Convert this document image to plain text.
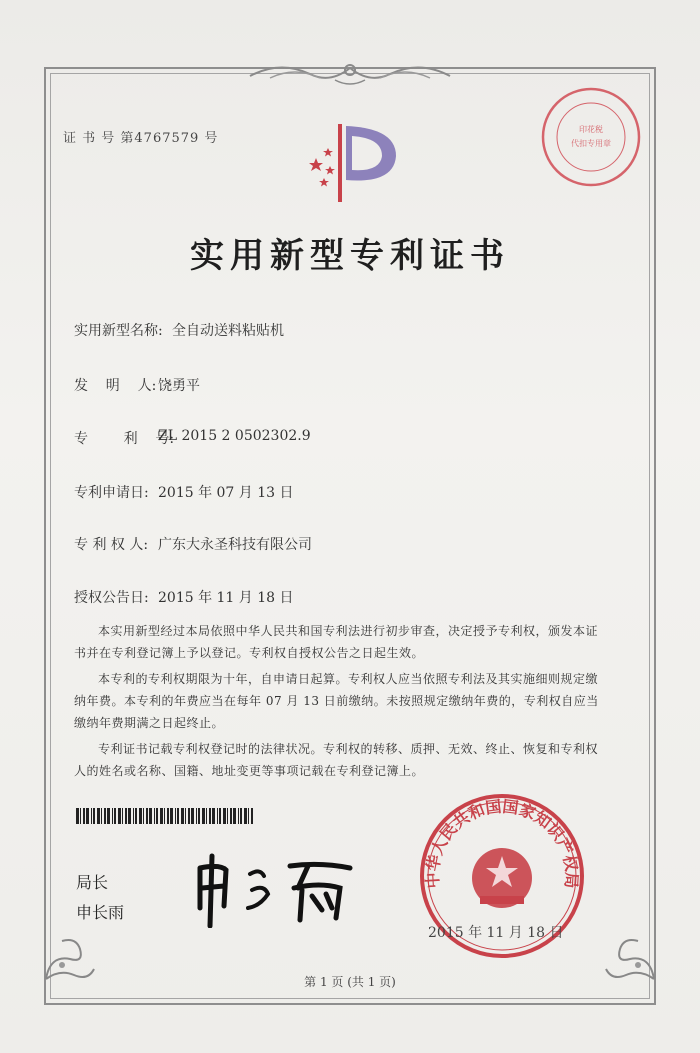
证 书 号 第4767579 号
印花税
代扣专用章
实用新型专利证书
实用新型名称: 全自动送料粘贴机
发    明    人: 饶勇平
专        利    号:
ZL 2015 2 0502302.9
专利申请日: 2015 年 07 月 13 日
专 利 权 人: 广东大永圣科技有限公司
授权公告日: 2015 年 11 月 18 日

本实用新型经过本局依照中华人民共和国专利法进行初步审查，决定授予专利权，颁发本证书并在专利登记簿上予以登记。专利权自授权公告之日起生效。

本专利的专利权期限为十年，自申请日起算。专利权人应当依照专利法及其实施细则规定缴纳年费。本专利的年费应当在每年 07 月 13 日前缴纳。未按照规定缴纳年费的，专利权自应当缴纳年费期满之日起终止。

专利证书记载专利权登记时的法律状况。专利权的转移、质押、无效、终止、恢复和专利权人的姓名或名称、国籍、地址变更等事项记载在专利登记簿上。

局长
申长雨
中华人民共和国国家知识产权局
2015 年 11 月 18 日
第 1 页 (共 1 页)
